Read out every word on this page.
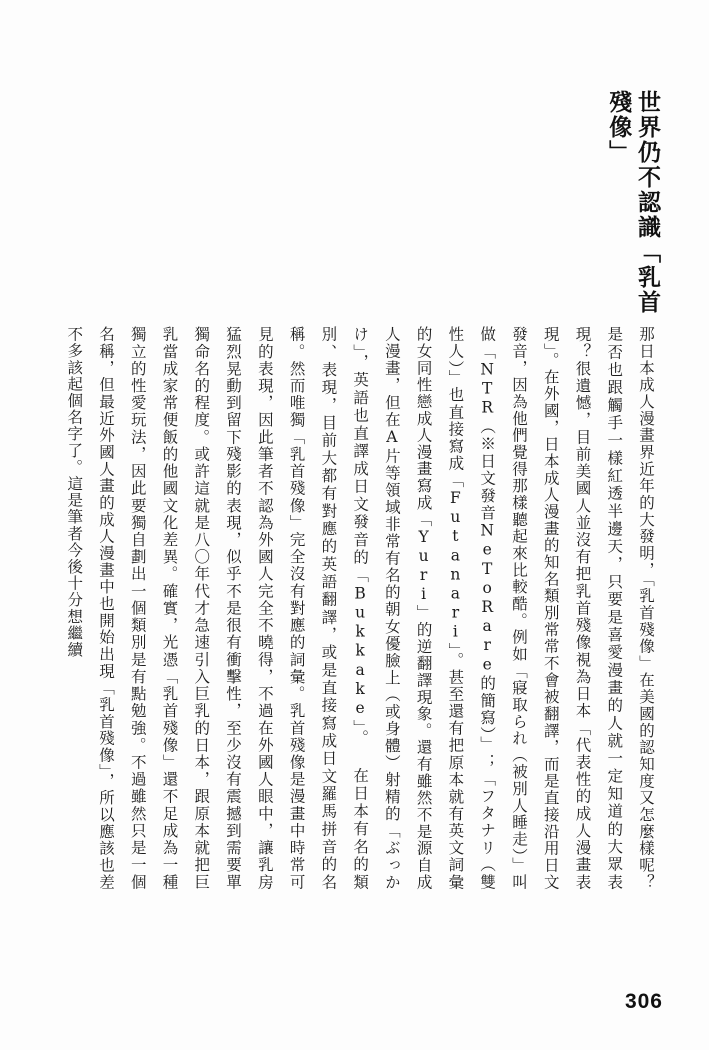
世界仍不認識「乳首殘像」
那日本成人漫畫界近年的大發明，「乳首殘像」在美國的認知度又怎麼樣呢？是否也跟觸手一樣紅透半邊天，只要是喜愛漫畫的人就一定知道的大眾表現？很遺憾，目前美國人並沒有把乳首殘像視為日本「代表性的成人漫畫表現」。在外國，日本成人漫畫的知名類別常常不會被翻譯，而是直接沿用日文發音，因為他們覺得那樣聽起來比較酷。例如「寢取られ（被別人睡走）」叫做「NTR（※日文發音NeToRare的簡寫）」；「フタナリ（雙性人）」也直接寫成「Futanari」。甚至還有把原本就有英文詞彙的女同性戀成人漫畫寫成「Yuri」的逆翻譯現象。還有雖然不是源自成人漫畫，但在A片等領域非常有名的朝女優臉上（或身體）射精的「ぶっかけ」，英語也直譯成日文發音的「Bukkake」。 在日本有名的類別、表現，目前大都有對應的英語翻譯，或是直接寫成日文羅馬拼音的名稱。然而唯獨「乳首殘像」完全沒有對應的詞彙。乳首殘像是漫畫中時常可見的表現，因此筆者不認為外國人完全不曉得，不過在外國人眼中，讓乳房猛烈晃動到留下殘影的表現，似乎不是很有衝擊性，至少沒有震撼到需要單獨命名的程度。或許這就是八〇年代才急速引入巨乳的日本，跟原本就把巨乳當成家常便飯的他國文化差異。確實，光憑「乳首殘像」還不足成為一種獨立的性愛玩法，因此要獨自劃出一個類別是有點勉強。不過雖然只是一個名稱，但最近外國人畫的成人漫畫中也開始出現「乳首殘像」，所以應該也差不多該起個名字了。這是筆者今後十分想繼續
306
